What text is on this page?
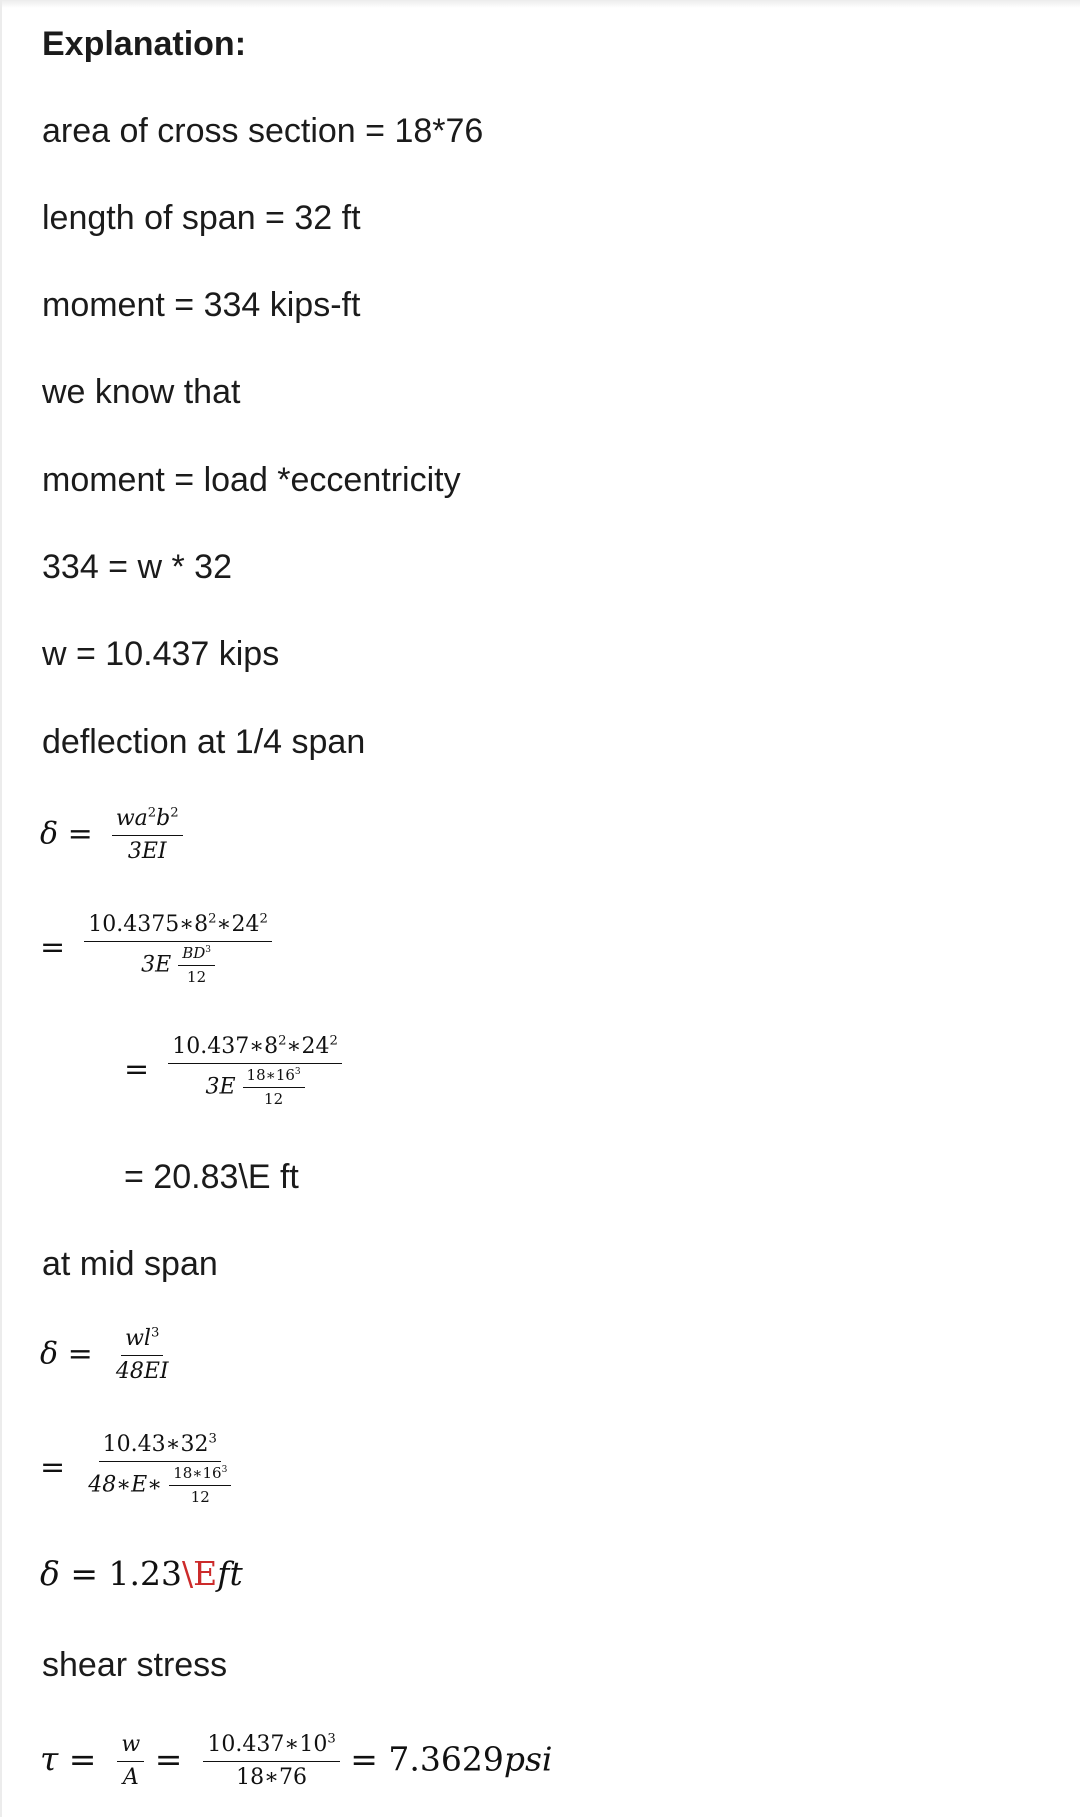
Explanation:
area of cross section = 18*76
length of span = 32 ft
moment = 334 kips-ft
we know that
moment = load *eccentricity
334 = w * 32
w = 10.437 kips
deflection at 1/4 span
$\delta = \frac{wa^2b^2}{3EI}$
= $\frac{10.4375∗8^2∗24^2}{3E \frac{BD^3}{12}}$
= $\frac{10.437∗8^2∗24^2}{3E \frac{18∗16^3}{12}}$
= 20.83\E ft
at mid span
$\delta = \frac{wl^3}{48EI}$
= $\frac{10.43∗32^3}{48∗E∗ \frac{18∗16^3}{12}}$
δ = 1.23\Eft
shear stress
$\tau = \frac{w}{A} = \frac{10.437∗10^3}{18∗76} = 7.3629psi$
